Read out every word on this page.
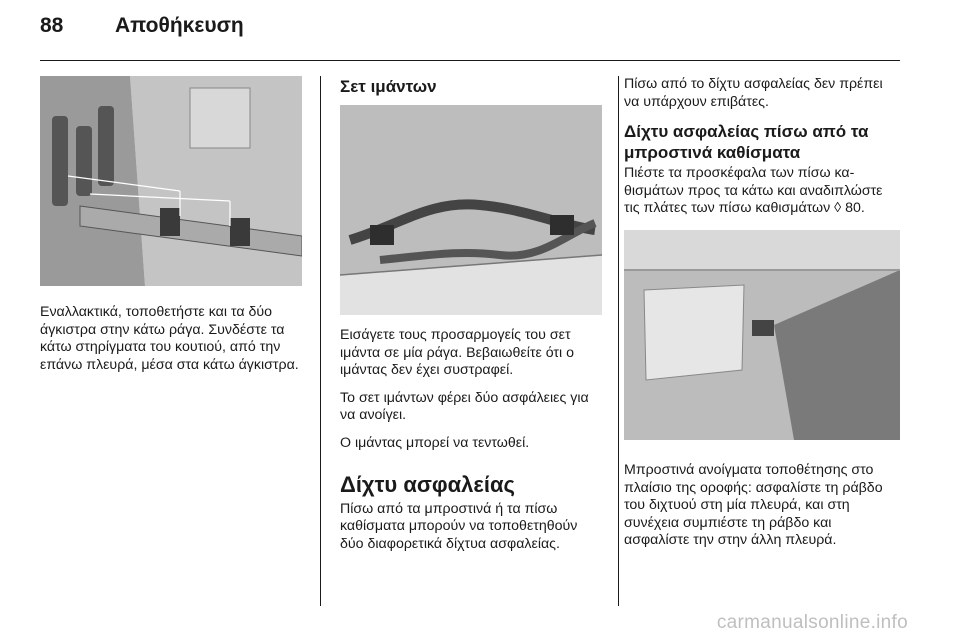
88	Αποθήκευση

Εναλλακτικά, τοποθετήστε και τα δύο άγκιστρα στην κάτω ράγα. Συνδέστε τα κάτω στηρίγματα του κουτιού, από την επάνω πλευρά, μέσα στα κάτω άγκιστρα.

Σετ ιμάντων

Εισάγετε τους προσαρμογείς του σετ ιμάντα σε μία ράγα. Βεβαιωθείτε ότι ο ιμάντας δεν έχει συστραφεί.

Το σετ ιμάντων φέρει δύο ασφάλειες για να ανοίγει.

Ο ιμάντας μπορεί να τεντωθεί.

Δίχτυ ασφαλείας

Πίσω από τα μπροστινά ή τα πίσω καθίσματα μπορούν να τοποθετηθούν δύο διαφορετικά δίχτυα ασφαλείας.

Πίσω από το δίχτυ ασφαλείας δεν πρέπει να υπάρχουν επιβάτες.

Δίχτυ ασφαλείας πίσω από τα μπροστινά καθίσματα

Πιέστε τα προσκέφαλα των πίσω καθισμάτων προς τα κάτω και αναδιπλώστε τις πλάτες των πίσω καθισμάτων ◊ 80.

Μπροστινά ανοίγματα τοποθέτησης στο πλαίσιο της οροφής: ασφαλίστε τη ράβδο του διχτυού στη μία πλευρά, και στη συνέχεια συμπιέστε τη ράβδο και ασφαλίστε την στην άλλη πλευρά.

carmanualsonline.info
